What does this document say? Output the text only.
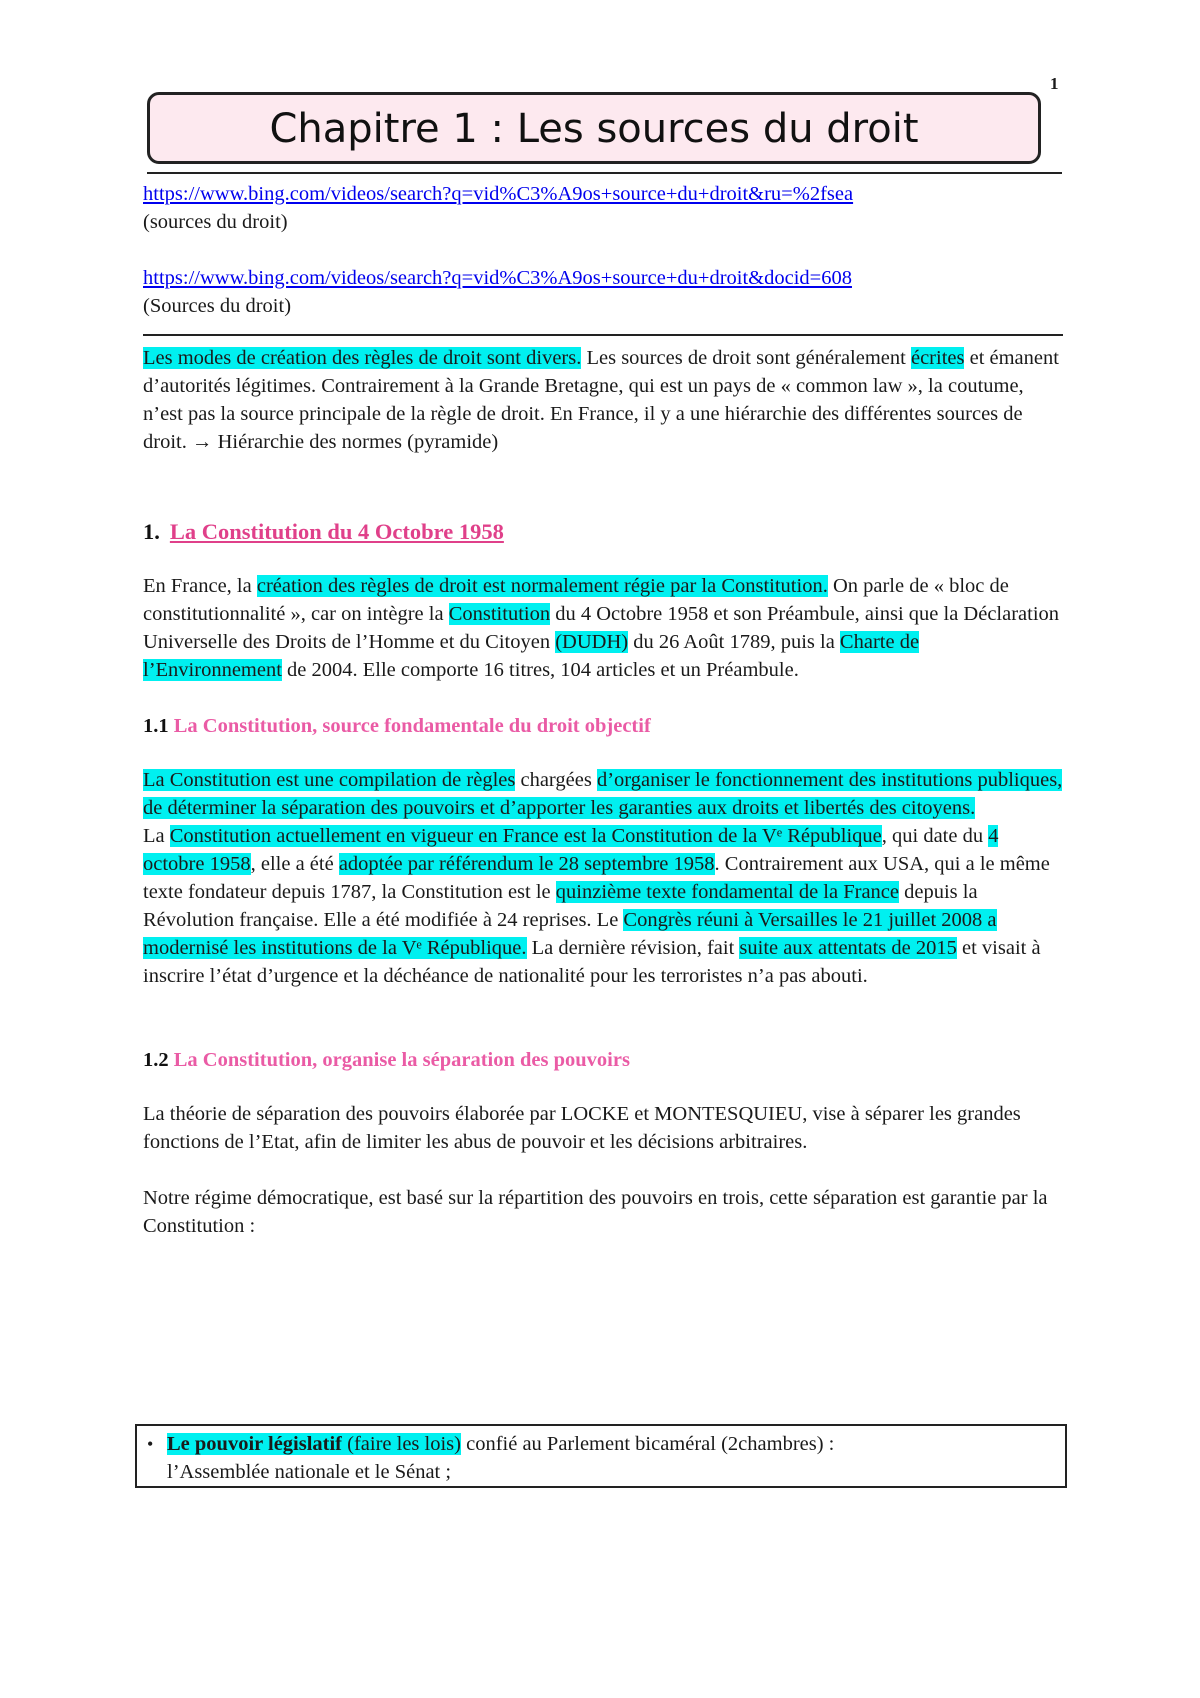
1
Chapitre 1 : Les sources du droit

https://www.bing.com/videos/search?q=vid%C3%A9os+source+du+droit&ru=%2fsea

(sources du droit)

https://www.bing.com/videos/search?q=vid%C3%A9os+source+du+droit&docid=608

(Sources du droit)

Les modes de création des règles de droit sont divers. Les sources de droit sont généralement écrites et émanent d’autorités légitimes. Contrairement à la Grande Bretagne, qui est un pays de « common law », la coutume, n’est pas la source principale de la règle de droit. En France, il y a une hiérarchie des différentes sources de droit. → Hiérarchie des normes (pyramide)

1. La Constitution du 4 Octobre 1958

En France, la création des règles de droit est normalement régie par la Constitution. On parle de « bloc de constitutionnalité », car on intègre la Constitution du 4 Octobre 1958 et son Préambule, ainsi que la Déclaration Universelle des Droits de l’Homme et du Citoyen (DUDH) du 26 Août 1789, puis la Charte de l’Environnement de 2004. Elle comporte 16 titres, 104 articles et un Préambule.

1.1 La Constitution, source fondamentale du droit objectif

La Constitution est une compilation de règles chargées d’organiser le fonctionnement des institutions publiques, de déterminer la séparation des pouvoirs et d’apporter les garanties aux droits et libertés des citoyens.

La Constitution actuellement en vigueur en France est la Constitution de la Vᵉ République, qui date du 4 octobre 1958, elle a été adoptée par référendum le 28 septembre 1958. Contrairement aux USA, qui a le même texte fondateur depuis 1787, la Constitution est le quinzième texte fondamental de la France depuis la Révolution française. Elle a été modifiée à 24 reprises. Le Congrès réuni à Versailles le 21 juillet 2008 a modernisé les institutions de la Vᵉ République. La dernière révision, fait suite aux attentats de 2015 et visait à inscrire l’état d’urgence et la déchéance de nationalité pour les terroristes n’a pas abouti.

1.2 La Constitution, organise la séparation des pouvoirs

La théorie de séparation des pouvoirs élaborée par LOCKE et MONTESQUIEU, vise à séparer les grandes fonctions de l’Etat, afin de limiter les abus de pouvoir et les décisions arbitraires.

Notre régime démocratique, est basé sur la répartition des pouvoirs en trois, cette séparation est garantie par la Constitution :

• Le pouvoir législatif (faire les lois) confié au Parlement bicaméral (2chambres) :
l’Assemblée nationale et le Sénat ;
